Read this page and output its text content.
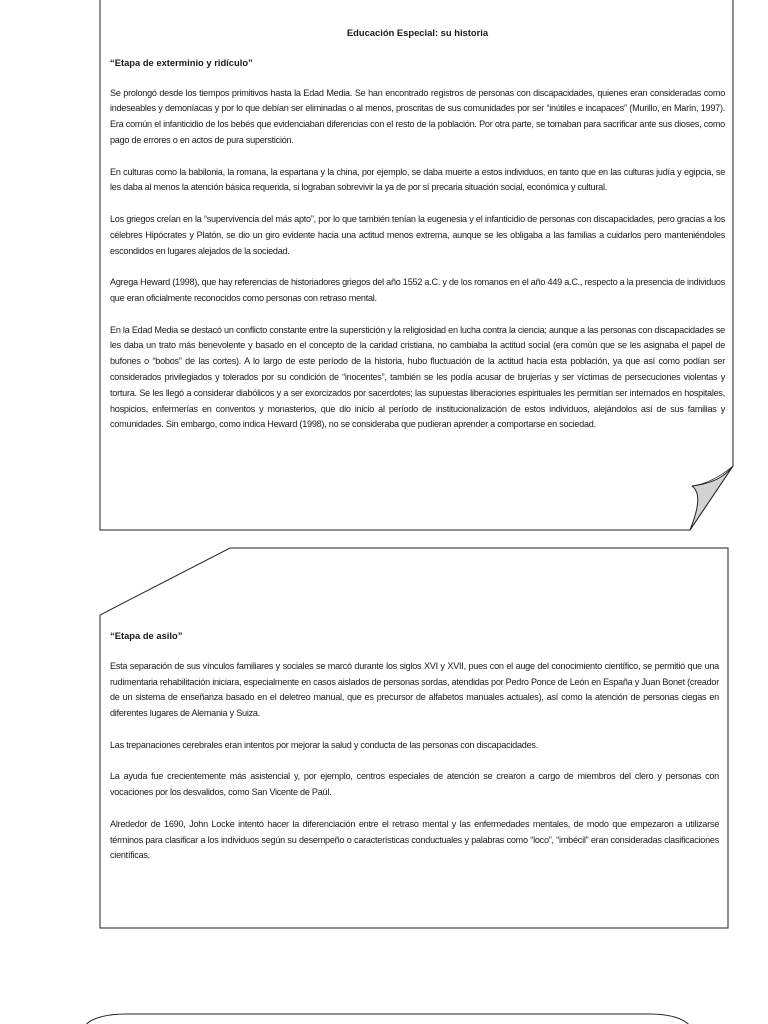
Educación Especial: su historia
“Etapa de exterminio y ridículo”

Se prolongó desde los tiempos primitivos hasta la Edad Media. Se han encontrado registros de personas con discapacidades, quienes eran consideradas como indeseables y demoníacas y por lo que debían ser eliminadas o al menos, proscritas de sus comunidades por ser “inútiles e incapaces” (Murillo, en Marín, 1997). Era común el infanticidio de los bebés que evidenciaban diferencias con el resto de la población. Por otra parte, se tomaban para sacrificar ante sus dioses, como pago de errores o en actos de pura superstición.

En culturas como la babilonia, la romana, la espartana y la china, por ejemplo, se daba muerte a estos individuos, en tanto que en las culturas judía y egipcia, se les daba al menos la atención básica requerida, si lograban sobrevivir la ya de por sí precaria situación social, económica y cultural.

Los griegos creían en la “supervivencia del más apto”, por lo que también tenían la eugenesia y el infanticidio de personas con discapacidades, pero gracias a los célebres Hipócrates y Platón, se dio un giro evidente hacia una actitud menos extrema, aunque se les obligaba a las familias a cuidarlos pero manteniéndoles escondidos en lugares alejados de la sociedad.

Agrega Heward (1998), que hay referencias de historiadores griegos del año 1552 a.C. y de los romanos en el año 449 a.C., respecto a la presencia de individuos que eran oficialmente reconocidos como personas con retraso mental.

En la Edad Media se destacó un conflicto constante entre la superstición y la religiosidad en lucha contra la ciencia; aunque a las personas con discapacidades se les daba un trato más benevolente y basado en el concepto de la caridad cristiana, no cambiaba la actitud social (era común que se les asignaba el papel de bufones o “bobos” de las cortes). A lo largo de este período de la historia, hubo fluctuación de la actitud hacia esta población, ya que así como podían ser considerados privilegiados y tolerados por su condición de “inocentes”, también se les podía acusar de brujerías y ser víctimas de persecuciones violentas y tortura. Se les llegó a considerar diabólicos y a ser exorcizados por sacerdotes; las supuestas liberaciones espirituales les permitían ser internados en hospitales, hospicios, enfermerías en conventos y monasterios, que dio inicio al período de institucionalización de estos individuos, alejándolos así de sus familias y comunidades. Sin embargo, como indica Heward (1998), no se consideraba que pudieran aprender a comportarse en sociedad.

“Etapa de asilo”

Esta separación de sus vínculos familiares y sociales se marcó durante los siglos XVI y XVII, pues con el auge del conocimiento científico, se permitió que una rudimentaria rehabilitación iniciara, especialmente en casos aislados de personas sordas, atendidas por Pedro Ponce de León en España y Juan Bonet (creador de un sistema de enseñanza basado en el deletreo manual, que es precursor de alfabetos manuales actuales), así como la atención de personas ciegas en diferentes lugares de Alemania y Suiza.

Las trepanaciones cerebrales eran intentos por mejorar la salud y conducta de las personas con discapacidades.

La ayuda fue crecientemente más asistencial y, por ejemplo, centros especiales de atención se crearon a cargo de miembros del clero y personas con vocaciones por los desvalidos, como San Vicente de Paúl.

Alrededor de 1690, John Locke intentó hacer la diferenciación entre el retraso mental y las enfermedades mentales, de modo que empezaron a utilizarse términos para clasificar a los individuos según su desempeño o características conductuales y palabras como “loco”, “imbécil” eran consideradas clasificaciones científicas.
